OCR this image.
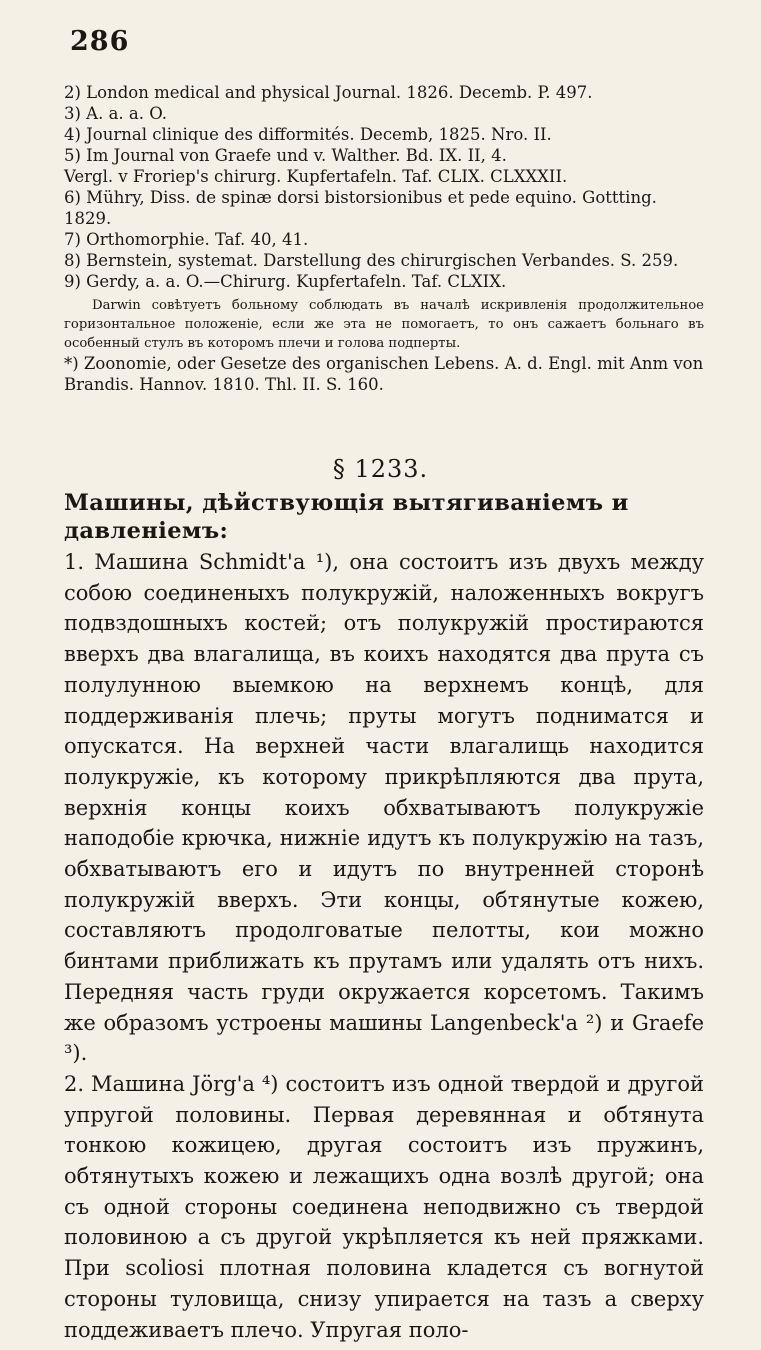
286
2) London medical and physical Journal. 1826. Decemb. P. 497.
3) A. a. a. O.
4) Journal clinique des difformités. Decemb, 1825. Nro. II.
5) Im Journal von Graefe und v. Walther. Bd. IX. II, 4.
Vergl. v Froriep's chirurg. Kupfertafeln. Taf. CLIX. CLXXXII.
6) Mühry, Diss. de spinæ dorsi bistorsionibus et pede equino. Gottting. 1829.
7) Orthomorphie. Taf. 40, 41.
8) Bernstein, systemat. Darstellung des chirurgischen Verbandes. S. 259.
9) Gerdy, a. a. O.—Chirurg. Kupfertafeln. Taf. CLXIX.
Darwin совѣтуетъ больному соблюдать въ началѣ искривленія продолжительное горизонтальное положеніе, если же эта не помогаетъ, то онъ сажаетъ больнаго въ особенный стулъ въ которомъ плечи и голова подперты.
*) Zoonomie, oder Gesetze des organischen Lebens. A. d. Engl. mit Anm von Brandis. Hannov. 1810. Thl. II. S. 160.
§ 1233.
Машины, дѣйствующія вытягиваніемъ и давленіемъ:

1. Машина Schmidt'а ¹), она состоитъ изъ двухъ между собою соединеныхъ полукружій, наложенныхъ вокругъ подвздошныхъ костей; отъ полукружій простираются вверхъ два влагалища, въ коихъ находятся два прута съ полулунною выемкою на верхнемъ концѣ, для поддерживанія плечь; пруты могутъ подниматся и опускатся. На верхней части влагалищь находится полукружіе, къ которому прикрѣпляются два прута, верхнія концы коихъ обхватываютъ полукружіе наподобіе крючка, нижніе идутъ къ полукружію на тазъ, обхватываютъ его и идутъ по внутренней сторонѣ полукружій вверхъ. Эти концы, обтянутые кожею, составляютъ продолговатые пелотты, кои можно бинтами приближать къ прутамъ или удалять отъ нихъ. Передняя часть груди окружается корсетомъ. Такимъ же образомъ устроены машины Langenbeck'а ²) и Graefe ³).

2. Машина Jörg'а ⁴) состоитъ изъ одной твердой и другой упругой половины. Первая деревянная и обтянута тонкою кожицею, другая состоитъ изъ пружинъ, обтянутыхъ кожею и лежащихъ одна возлѣ другой; она съ одной стороны соединена неподвижно съ твердой половиною а съ другой укрѣпляется къ ней пряжками. При scoliosi плотная половина кладется съ вогнутой стороны туловища, снизу упирается на тазъ а сверху поддеживаетъ плечо. Упругая поло-
